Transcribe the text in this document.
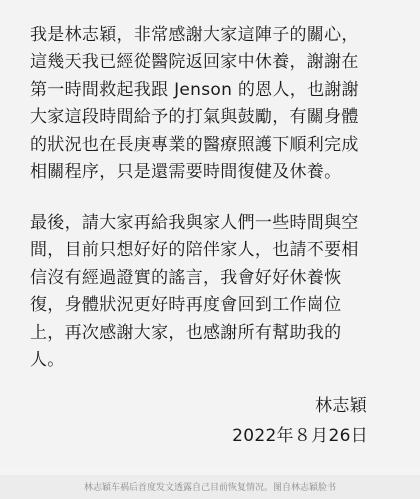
我是林志穎，非常感謝大家這陣子的關心，
這幾天我已經從醫院返回家中休養，謝謝在
第一時間救起我跟 Jenson 的恩人，也謝謝
大家這段時間給予的打氣與鼓勵，有關身體
的狀況也在長庚專業的醫療照護下順利完成
相關程序，只是還需要時間復健及休養。
最後，請大家再給我與家人們一些時間與空
間，目前只想好好的陪伴家人，也請不要相
信沒有經過證實的謠言，我會好好休養恢
復，身體狀況更好時再度會回到工作崗位
上，再次感謝大家，也感謝所有幫助我的
人。
林志穎
2022年８月26日
林志穎车祸后首度发文透露自己目前恢复情况。图自林志穎脸书
